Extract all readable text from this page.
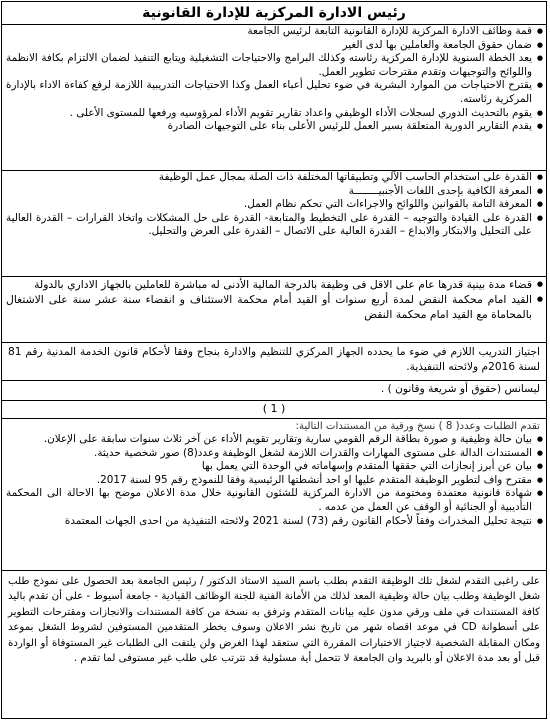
رئيس الادارة المركزية للإدارة القانونية
● قمة وظائف الادارة المركزية للإدارة القانونية التابعة لرئيس الجامعة
● ضمان حقوق الجامعة والعاملين بها لدى الغير
● يعد الخطة السنوية للإدارة المركزية رئاسته وكذلك البرامج والاحتياجات التشغيلية ويتابع التنفيذ لضمان الالتزام بكافة الانظمة واللوائح والتوجيهات وتقدم مقترحات تطوير العمل.
● يقترح الاحتياجات من الموارد البشرية في ضوء تحليل أعباء العمل وكذا الاحتياجات التدريبية اللازمة لرفع كفاءة الاداء بالإدارة المركزية رئاسته.
● يقوم بالتحديث الدوري لسجلات الأداء الوظيفي واعداد تقارير تقويم الأداء لمرؤوسيه ورفعها للمستوى الأعلى .
● يقدم التقارير الدورية المتعلقة بسير العمل للرئيس الأعلى بناء على التوجيهات الصادرة
● القدرة على استخدام الحاسب الآلي وتطبيقاتها المختلفة ذات الصلة بمجال عمل الوظيفة
● المعرفة الكافية بإحدى اللغات الأجنبيــــــــة
● المعرفة التامة بالقوانين واللوائح والاجراءات التي تحكم نظام العمل.
● القدرة على القيادة والتوجيه – القدرة على التخطيط والمتابعة- القدرة على حل المشكلات واتخاذ القرارات – القدرة العالية على التحليل والابتكار والابداع – القدرة العالية على الاتصال – القدرة على العرض والتحليل.
● قضاء مدة بينية قدرها عام على الاقل فى وظيفة بالدرجة المالية الأدنى له مباشرة للعاملين بالجهاز الاداري بالدولة
● القيد امام محكمة النقض لمدة أربع سنوات أو القيد أمام محكمة الاستئناف و انقضاء سنة عشر سنة على الاشتغال بالمحاماة مع القيد امام محكمة النقض
اجتياز التدريب اللازم في ضوء ما يحدده الجهاز المركزي للتنظيم والادارة بنجاح وفقا لأحكام قانون الخدمة المدنية رقم 81 لسنة 2016م ولائحته التنفيذية.
ليسانس (حقوق أو شريعة وقانون ) .
( 1 )
تقدم الطلبات وعدد( 8 ) نسخ ورقية من المستندات التالية:
● بيان حالة وظيفية و صورة بطاقة الرقم القومي سارية وتقارير تقويم الأداء عن آخر ثلاث سنوات سابقة على الإعلان.
● المستندات الدالة على مستوى المهارات والقدرات اللازمة لشغل الوظيفة وعدد(8) صور شخصية حديثة.
● بيان عن أبرز إنجازات التي حققها المتقدم وإسهاماته في الوحدة التي يعمل بها
● مقترح واف لتطوير الوظيفة المتقدم عليها او احد أنشطتها الرئيسية وفقا للنموذج رقم 95 لسنة 2017.
● شهادة قانونية معتمدة ومختومة من الادارة المركزية للشئون القانونية خلال مدة الاعلان موضح بها الاحالة الى المحكمة التأديبية أو الجنائية أو الوقف عن العمل من عدمه .
● نتيجة تحليل المخدرات وفقاً لأحكام القانون رقم (73) لسنة 2021 ولائحته التنفيذية من احدى الجهات المعتمدة
على راغبى التقدم لشغل تلك الوظيفة التقدم بطلب باسم السيد الاستاذ الدكتور / رئيس الجامعة بعد الحصول على نموذج طلب شغل الوظيفة وطلب بيان حالة وظيفية المعد لذلك من الأمانة الفنية للجنة الوظائف القيادية - جامعة أسيوط - على أن تقدم باليد كافة المستندات في ملف ورقي مدون عليه بيانات المتقدم وترفق به نسخة من كافة المستندات والانجازات ومقترحات التطوير على أسطوانة CD في موعد اقصاه شهر من تاريخ نشر الاعلان وسوف يخطر المتقدمين المستوفين لشروط الشغل بموعد ومكان المقابلة الشخصية لاجتياز الاختبارات المقررة التي ستعقد لهذا الغرض ولن يلتفت الى الطلبات غير المستوفاة أو الواردة قبل أو بعد مدة الاعلان أو بالبريد وان الجامعة لا تتحمل أية مسئولية قد تترتب على طلب غير مستوفى لما تقدم .
